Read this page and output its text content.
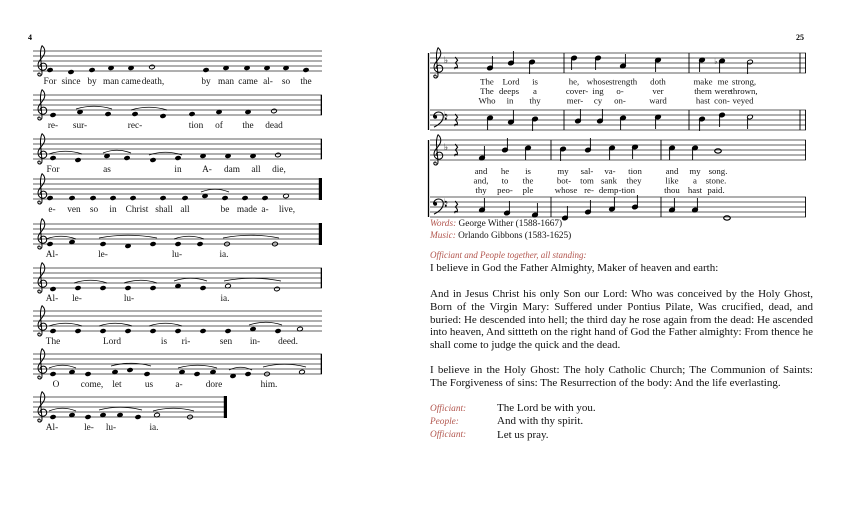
For since by man came death,	by man came al- so the
re- sur-	rec-	tion of the dead
For	as	in A- dam all die,
e- ven so in Christ shall all	be made a- live,
Al-	le-	lu-	ia.
Al- le-	lu-	ia.
The	Lord	is ri-	sen in- deed.
O come, let us a- dore	him.
Al-	le- lu-	ia.
♭
♭
♭
The Lord is	he, whose strength doth	make me strong,
The deeps a	cover- ing o-	ver	them were
thrown,
Who in thy	mer- cy on-	ward	hast con- veyed
♭
♭
and he is	my sal- va- tion	and my song.
and, to the	bot- tom sank they	like a stone.
thy peo- ple whose re- demp-tion	thou hast paid.
4	25
Words: George Wither (1588-1667)
Music: Orlando Gibbons (1583-1625)
Officiant and People together, all standing:

I believe in God the Father Almighty, Maker of heaven and earth:

And in Jesus Christ his only Son our Lord: Who was conceived by the Holy Ghost, Born of the Virgin Mary: Suffered under Pontius Pilate, Was crucified, dead, and buried: He descended into hell; the third day he rose again from the dead: He ascended into heaven, And sittteth on the right hand of God the Father almighty: From thence he shall come to judge the quick and the dead.

I believe in the Holy Ghost: The holy Catholic Church; The Communion of Saints: The Forgiveness of sins: The Resurrection of the body: And the life everlasting.

Officiant:	The Lord be with you.
People:	And with thy spirit.
Officiant:	Let us pray.
